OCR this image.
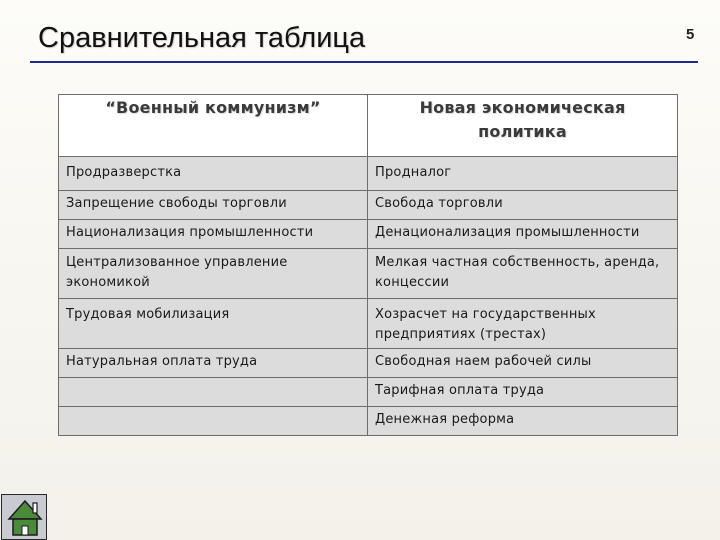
Сравнительная таблица	5
“Военный коммунизм”	Новая экономическая политика
Продразверстка	Продналог
Запрещение свободы торговли	Свобода торговли
Национализация промышленности	Денационализация промышленности
Централизованное управление экономикой	Мелкая частная собственность, аренда, концессии
Трудовая мобилизация	Хозрасчет на государственных предприятиях (трестах)
Натуральная оплата труда	Свободная наем рабочей силы
	Тарифная оплата труда
	Денежная реформа
